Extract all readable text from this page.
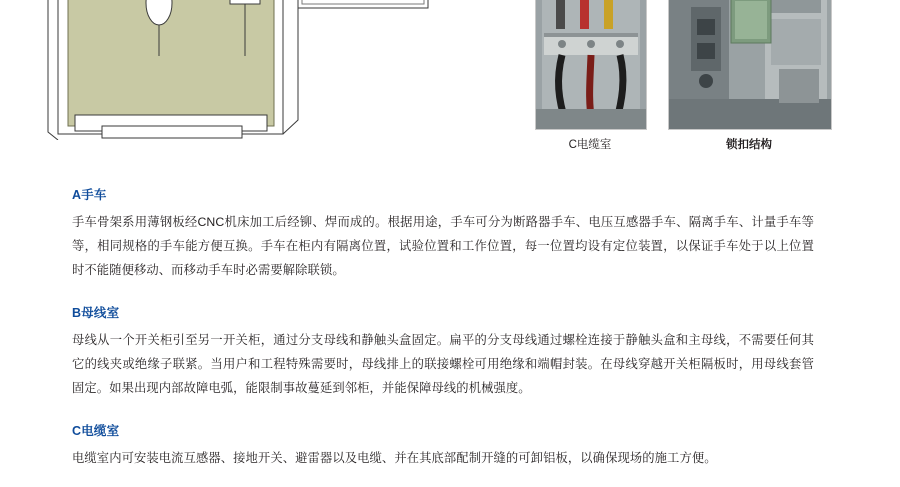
C电缆室	锁扣结构
A手车

手车骨架系用薄钢板经CNC机床加工后经铆、焊而成的。根据用途，手车可分为断路器手车、电压互感器手车、隔离手车、计量手车等等，相同规格的手车能方便互换。手车在柜内有隔离位置，试验位置和工作位置，每一位置均设有定位装置，以保证手车处于以上位置时不能随便移动、而移动手车时必需要解除联锁。

B母线室

母线从一个开关柜引至另一开关柜，通过分支母线和静触头盒固定。扁平的分支母线通过螺栓连接于静触头盒和主母线，不需要任何其它的线夹或绝缘子联紧。当用户和工程特殊需要时，母线排上的联接螺栓可用绝缘和端帽封装。在母线穿越开关柜隔板时，用母线套管固定。如果出现内部故障电弧，能限制事故蔓延到邻柜，并能保障母线的机械强度。

C电缆室

电缆室内可安装电流互感器、接地开关、避雷器以及电缆、并在其底部配制开缝的可卸铝板，以确保现场的施工方便。
